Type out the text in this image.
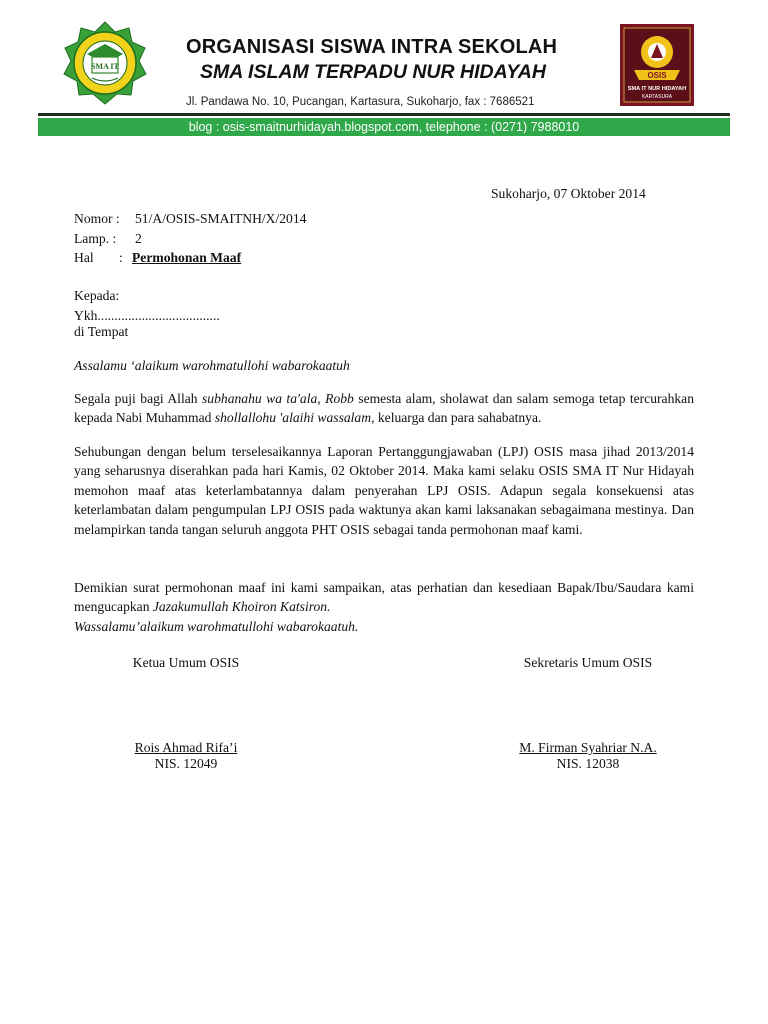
SMA IT
ORGANISASI SISWA INTRA SEKOLAH
SMA ISLAM TERPADU NUR HIDAYAH
Jl. Pandawa No. 10, Pucangan, Kartasura, Sukoharjo, fax : 7686521
OSIS
SMA IT NUR HIDAYAH
KARTASURA
blog : osis-smaitnurhidayah.blogspot.com, telephone : (0271) 7988010
Sukoharjo, 07 Oktober 2014
Nomor : 51/A/OSIS-SMAITNH/X/2014
Lamp. : 2
Hal : Permohonan Maaf
Kepada:
Ykh....................................
di Tempat
Assalamu ‘alaikum warohmatullohi wabarokaatuh
Segala puji bagi Allah subhanahu wa ta'ala, Robb semesta alam, sholawat dan salam semoga tetap tercurahkan kepada Nabi Muhammad shollallohu 'alaihi wassalam, keluarga dan para sahabatnya.
Sehubungan dengan belum terselesaikannya Laporan Pertanggungjawaban (LPJ) OSIS masa jihad 2013/2014 yang seharusnya diserahkan pada hari Kamis, 02 Oktober 2014. Maka kami selaku OSIS SMA IT Nur Hidayah memohon maaf atas keterlambatannya dalam penyerahan LPJ OSIS. Adapun segala konsekuensi atas keterlambatan dalam pengumpulan LPJ OSIS pada waktunya akan kami laksanakan sebagaimana mestinya. Dan melampirkan tanda tangan seluruh anggota PHT OSIS sebagai tanda permohonan maaf kami.
Demikian surat permohonan maaf ini kami sampaikan, atas perhatian dan kesediaan Bapak/Ibu/Saudara kami mengucapkan Jazakumullah Khoiron Katsiron.
Wassalamu’alaikum warohmatullohi wabarokaatuh.
Ketua Umum OSIS
Rois Ahmad Rifa’i
NIS. 12049
Sekretaris Umum OSIS
M. Firman Syahriar N.A.
NIS. 12038
